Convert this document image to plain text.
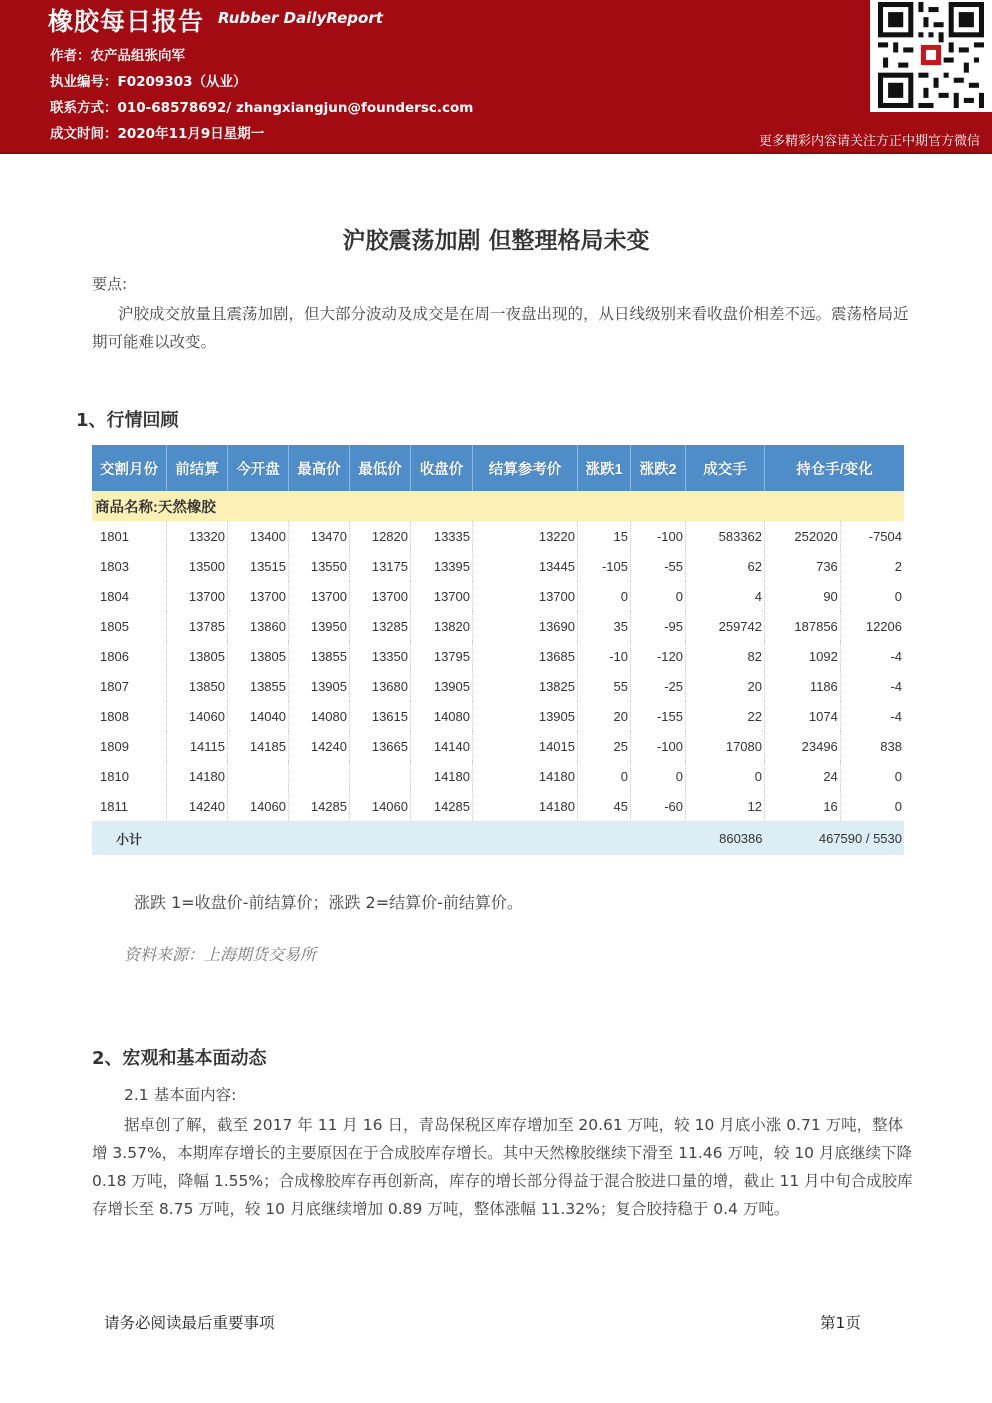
橡胶每日报告 Rubber DailyReport
作者：农产品组张向军
执业编号：F0209303（从业）
联系方式：010-68578692/ zhangxiangjun@foundersc.com
成文时间：2020年11月9日星期一	更多精彩内容请关注方正中期官方微信
沪胶震荡加剧 但整理格局未变
要点:
沪胶成交放量且震荡加剧，但大部分波动及成交是在周一夜盘出现的，从日线级别来看收盘价相差不远。震荡格局近期可能难以改变。
1、行情回顾
交割月份	前结算	今开盘	最高价	最低价	收盘价	结算参考价	涨跌1	涨跌2	成交手	持仓手/变化	
商品名称:天然橡胶											
1801	13320	13400	13470	12820	13335	13220	15	-100	583362	252020	-7504
1803	13500	13515	13550	13175	13395	13445	-105	-55	62	736	2
1804	13700	13700	13700	13700	13700	13700	0	0	4	90	0
1805	13785	13860	13950	13285	13820	13690	35	-95	259742	187856	12206
1806	13805	13805	13855	13350	13795	13685	-10	-120	82	1092	-4
1807	13850	13855	13905	13680	13905	13825	55	-25	20	1186	-4
1808	14060	14040	14080	13615	14080	13905	20	-155	22	1074	-4
1809	14115	14185	14240	13665	14140	14015	25	-100	17080	23496	838
1810	14180				14180	14180	0	0	0	24	0
1811	14240	14060	14285	14060	14285	14180	45	-60	12	16	0
小计									860386	467590 / 5530	
涨跌 1=收盘价-前结算价；涨跌 2=结算价-前结算价。
资料来源：上海期货交易所
2、宏观和基本面动态
2.1 基本面内容:
据卓创了解，截至 2017 年 11 月 16 日，青岛保税区库存增加至 20.61 万吨，较 10 月底小涨 0.71 万吨，整体增 3.57%，本期库存增长的主要原因在于合成胶库存增长。其中天然橡胶继续下滑至 11.46 万吨，较 10 月底继续下降 0.18 万吨，降幅 1.55%；合成橡胶库存再创新高，库存的增长部分得益于混合胶进口量的增，截止 11 月中旬合成胶库存增长至 8.75 万吨，较 10 月底继续增加 0.89 万吨，整体涨幅 11.32%；复合胶持稳于 0.4 万吨。
请务必阅读最后重要事项	第1页
